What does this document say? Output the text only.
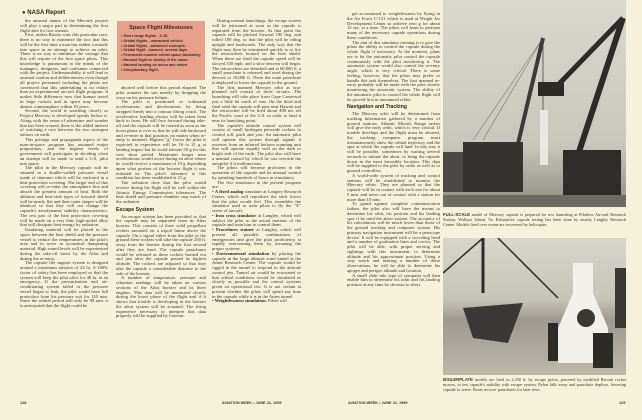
● NASA Report

the unusual nature of the Mercury project will play a major part in determining the first flight date for two reasons.

First, unless Russia wins this particular race, there is no way to minimize the fact that this will be the first time a man has ridden a missile into space in an attempt to achieve an orbit. There is no way to minimize the courage that this will require of the first space pilots. This knowledge is paramount in the minds of the managers, designers, and craftsmen connected with the project. Understandably, it will lead to unusual caution and deliberateness even though all project personnel including the pilots are convinced that this undertaking is no riskier than an experimental aircraft flight program. It makes little difference now that human travel in large rockets and in space may become almost commonplace within 10 years.

Second, the world is watching closely as Project Mercury is developed openly before it. Along with the sense of adventure and wonder that has been created, there is the added interest of watching a race between the two strongest nations on earth.

This prestige and propaganda aspect of the man-in-space program has assumed major proportions, and the highest levels of government will participate in deciding when an attempt will be made to send a U.S. pilot into space.

The pilot in the Mercury capsule will be situated in a double-walled pressure vessel made of titanium which will be enclosed in a heat protection covering. The larger end of this covering will re-enter the atmosphere first and absorb the greatest amount of heat. Both the ablation and heat-sink types of forward shield will be nearly flat and their outer shapes will be identical so that they will not change the capsule's aerodynamic stability characteristics. The rest part of the heat protection covering will be made on a very thin, high-nickel alloy that will dissipate heat energy by radiation.

Insulating material will be placed in the space between the heat shield and the pressure vessel to reduce the temperatures in the pilot's area and to serve as acoustical dampening material. High sound levels will be experienced during the take-off boost by the Atlas and during the re-entry.

The capsule life support system is designed around a maximum mission of 24 hr. A 100% factor of safety has been employed so that the system will keep the pilot alive for 48 hr. in an emergency. If the pressurization and air-conditioning system failed or the pressure vessel began to leak, the pilot would have full protection from his pressure suit for 120 min. Since the orbital period will only be 90 min. it is anticipated that the flight could be

Space Flight Milestones
• Short range flights - X-15.
• Orbital flights - unmanned vehicle.
• Orbital flights - advanced concepts.
• Orbital flight - manned, several days.
• Permanent manned orbital space laboratory.
• Manned flight to vicinity of the moon.
• Manned landing on moon and return.
• Interplanetary flight.

aborted well before this period elapsed. The pilot actuates his suit merely by dropping the visor on his pressure helmet.

The pilot is positioned to withstand accelerations and decelerations by being strapped firmly into a contour fitting couch. The accelerative loading always will be taken from back to front. He will face forward during take-off and the capsule will be rotated as soon as the boost phase is over so that he will ride backward and re-enter in that position, no matter when re-entry is initiated. Highest "g" forces the pilot is expected to experience will be 16 to 21 g at landing impact but he could tolerate 50 g for this very short period. Maximum longer term accelerations would occur during an abort where he would receive a maximum of 19 g depending upon what portion of the booster flight it was initiated in. The pilot's tolerance to this condition has been established at 21 g.

The radiation dose that the pilot would receive during his flight will be well within the Atomic Energy Commission tolerances. The heat shield and pressure chamber stop much of the radiation.

Escape System

An escape system has been provided so that the capsule may be separated from its Atlas booster. This consists of three solid propellant rockets mounted on a tripod frame above the capsule. On a signal either from the pilot or the ground these rockets will take the capsule 250 ft. away from the booster during the first second after they are fired. The capsule parachutes would be released as these rockets burned out and just after the capsule passed its highest altitude. The rockets are adjusted so that they take the capsule a considerable distance to the side of the booster.

A number of temperature, pressure and vibration readings will be taken on various sections of the Atlas booster and its three engines. This data will be monitored closely during the boost phase of the flight and if it shows that trouble is developing in the booster the abort system will be actuated. The firing experience necessary to interpret this data properly will be supplied by Convair.

During normal launchings, the escape system will be jettisoned as soon as the capsule is separated from the booster. At that point the capsule will be pitched forward 180 deg. and rolled 180 deg. so that the pilot will be riding upright and backwards. The only way that the flight may then be terminated quickly is to fire the retrorockets located on the heat shield. When these are fired the capsule speed will be slowed 350 mph. and a slow descent will begin. The retrorockets are detached and at 60,000 ft. a small parachute is released and used during the descent to 10,000 ft. There the main parachute is deployed to lower the capsule to the ground.

The first manned Mercury orbit as now planned will consist of three circuits. The launching will take place from Cape Canaveral just a little bit north of east. On the third and final orbit the capsule will pass near Hawaii and the retrorocket will be fired about 400 mi. off the Pacific coast of the U.S. in order to land it near its launching point.

The capsule's attitude control system will consist of small hydrogen peroxide rockets to control roll, pitch and yaw. An automatic pilot will operate this system through signals it receives from an infrared horizon scanning unit that will operate equally well on the dark or bright side of the earth. The pilot also will have a manual control by which he can override the autopilot if it malfunctions.

The pilots will become proficient in the operation of the capsule and its manual control by spending hundreds of hours in simulators.

The five simulators in the present program are:

• A fixed analog simulator at Langley Research Center, which will reproduce the stick forces that the pilot would feel. This resembles the simulator used to train pilots to fly the "X" series of aircraft.

• Iron cross simulator at Langley, which will subject the pilot to the actual motions of the capsule and train him to control them.

• Procedures trainer at Langley, which will present all possible combinations of emergencies and give the pilot proficiency at rapidly overcoming them by actuating the proper systems.

• Environmental simulation by placing the capsule in the large altitude wind tunnel at the Ames Research Center. The capsule would be rigged in the tunnel to respond to the attitude control jets. Tunnel air would be evacuated so that orbital conditions would be simulated as closely as possible and the control systems given an operational test. It is not certain at present whether the pilots will spend any time in the capsule while it is in the Ames tunnel.

• Weightlessness simulation. Pilots will

get accustomed to weightlessness by flying in the Air Force C-131 which is used at Wright Air Development Center to achieve zero g for about 15 sec. at a time. The pilots will learn to perform many of the necessary capsule operations during these conditions.

The aim of this simulator training is to give the pilots the ability to control the capsule during the whole flight if necessary. At the moment, plans are to let the automatic pilot control the capsule continuously with the pilot monitoring it. The automatic system would also control the re-entry angle, which is very critical. There is some feeling, however, that the pilots may prefer to handle this task themselves. The first manned re-entry probably will be made with the pilot closely monitoring the automatic system. The ability of the automatic pilot to control the whole flight will be proved first in unmanned orbits.

Navigation and Tracking

The Mercury orbit will be determined from tracking information gathered by a number of ground stations. Atlantic Missile Range radars will give the early orbit, which is very critical. If trouble develops and the flight must be aborted, the tracking computer program must instantaneously show the orbital trajectory and the spot at which the capsule will land. In this way it will be possible, sometimes by waiting several seconds to initiate the abort, to bring the capsule down in the most favorable location. This data will be supplied to the pilot by radio as well as to ground controllers.

A world-wide system of tracking and control stations will be established to monitor the Mercury orbits. They are planned so that the capsule will be in contact with each one for about 5 min. and never out of contact with a station for more than 10 min.

To guard against complete communication failure, the pilot also will have the means to determine his orbit, his position and his landing spot if he used the abort system. The accuracy of his calculations will be much lower than those of the ground tracking and computer system. His primary navigation instrument will be a periscope device. It will be equipped with a swiveling head and a number of graduation lines and circles. The pilot will be able, with proper zeroing and sightings with this instrument, to determine altitude and his approximate position. Using a stop watch and making a number of these observations, he will be able to determine his apogee and perigee altitude and location.

A small slide rule type of computer will then enable him to determine his orbit and his landing position at any time he chooses to abort.

FULL-SCALE model of Mercury capsule is prepared for test launching at Pilotless Aircraft Research Station, Wallops Island, Va. Exhaustive capsule testing has been done by nearby Langley Research Center. Models fired over ocean are recovered by helicopter.
BOILERPLATE models are fired to 2,250 ft. by escape pylon, powered by modified Recruit rocket motors, to test capsule's stability with escape system. Pylon falls away and parachute deploys, lowering capsule to water. Boats recover parachutes for later tests.
128	AVIATION WEEK • JUNE 22, 1959	AVIATION WEEK • JUNE 22, 1959	129
